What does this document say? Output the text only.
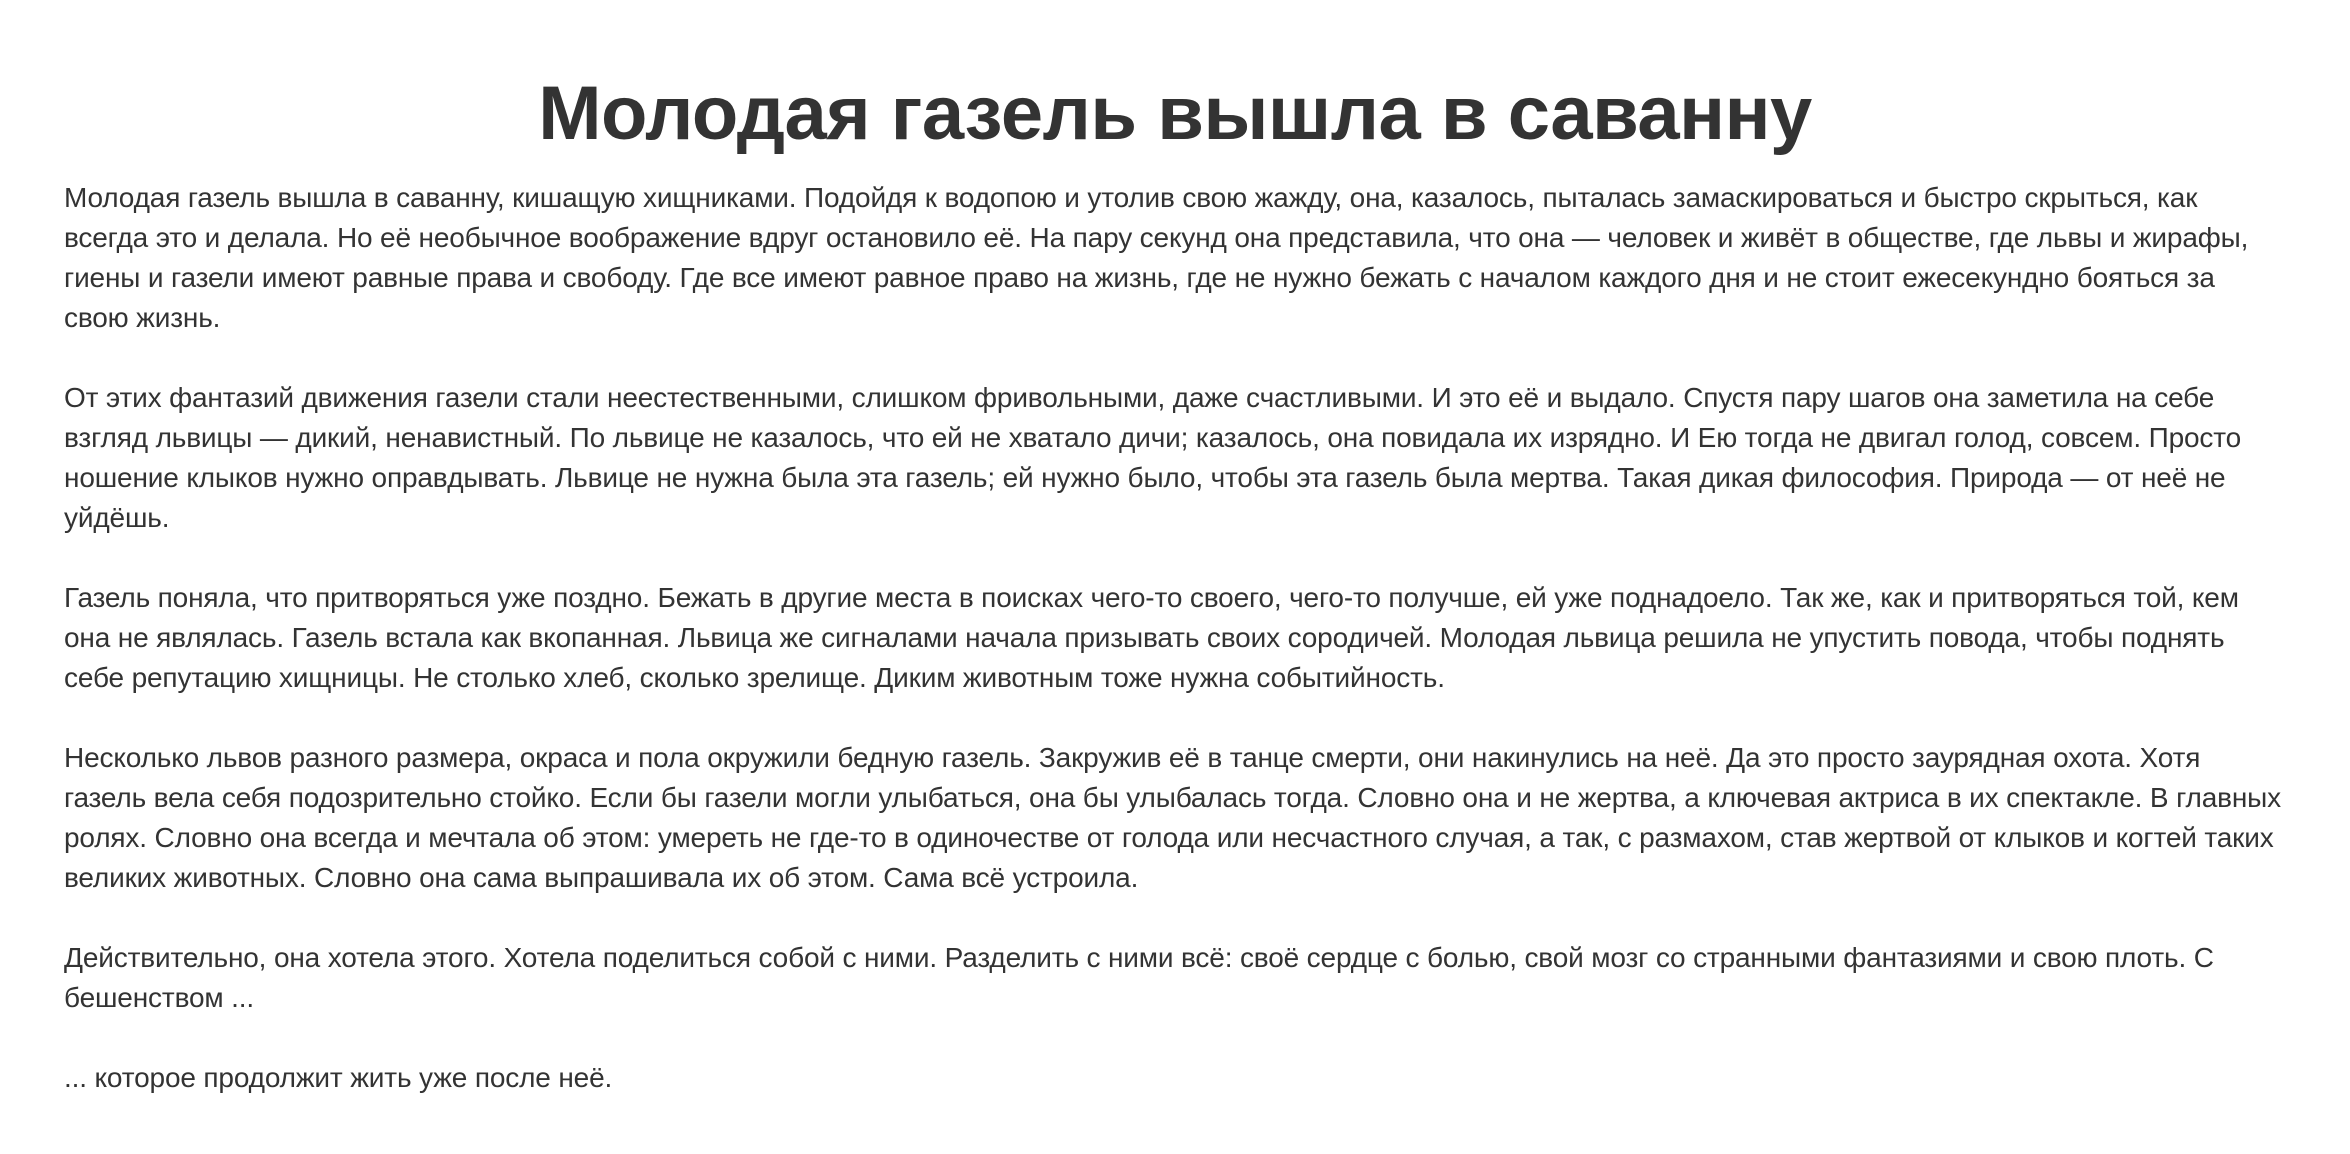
Молодая газель вышла в саванну

Молодая газель вышла в саванну, кишащую хищниками. Подойдя к водопою и утолив свою жажду, она, казалось, пыталась замаскироваться и быстро скрыться, как всегда это и делала. Но её необычное воображение вдруг остановило её. На пару секунд она представила, что она — человек и живёт в обществе, где львы и жирафы, гиены и газели имеют равные права и свободу. Где все имеют равное право на жизнь, где не нужно бежать с началом каждого дня и не стоит ежесекундно бояться за свою жизнь.

От этих фантазий движения газели стали неестественными, слишком фривольными, даже счастливыми. И это её и выдало. Спустя пару шагов она заметила на себе взгляд львицы — дикий, ненавистный. По львице не казалось, что ей не хватало дичи; казалось, она повидала их изрядно. И Ею тогда не двигал голод, совсем. Просто ношение клыков нужно оправдывать. Львице не нужна была эта газель; ей нужно было, чтобы эта газель была мертва. Такая дикая философия. Природа — от неё не уйдёшь.

Газель поняла, что притворяться уже поздно. Бежать в другие места в поисках чего-то своего, чего-то получше, ей уже поднадоело. Так же, как и притворяться той, кем она не являлась. Газель встала как вкопанная. Львица же сигналами начала призывать своих сородичей. Молодая львица решила не упустить повода, чтобы поднять себе репутацию хищницы. Не столько хлеб, сколько зрелище. Диким животным тоже нужна событийность.

Несколько львов разного размера, окраса и пола окружили бедную газель. Закружив её в танце смерти, они накинулись на неё. Да это просто заурядная охота. Хотя газель вела себя подозрительно стойко. Если бы газели могли улыбаться, она бы улыбалась тогда. Словно она и не жертва, а ключевая актриса в их спектакле. В главных ролях. Словно она всегда и мечтала об этом: умереть не где-то в одиночестве от голода или несчастного случая, а так, с размахом, став жертвой от клыков и когтей таких великих животных. Словно она сама выпрашивала их об этом. Сама всё устроила.

Действительно, она хотела этого. Хотела поделиться собой с ними. Разделить с ними всё: своё сердце с болью, свой мозг со странными фантазиями и свою плоть. С бешенством ...

... которое продолжит жить уже после неё.
